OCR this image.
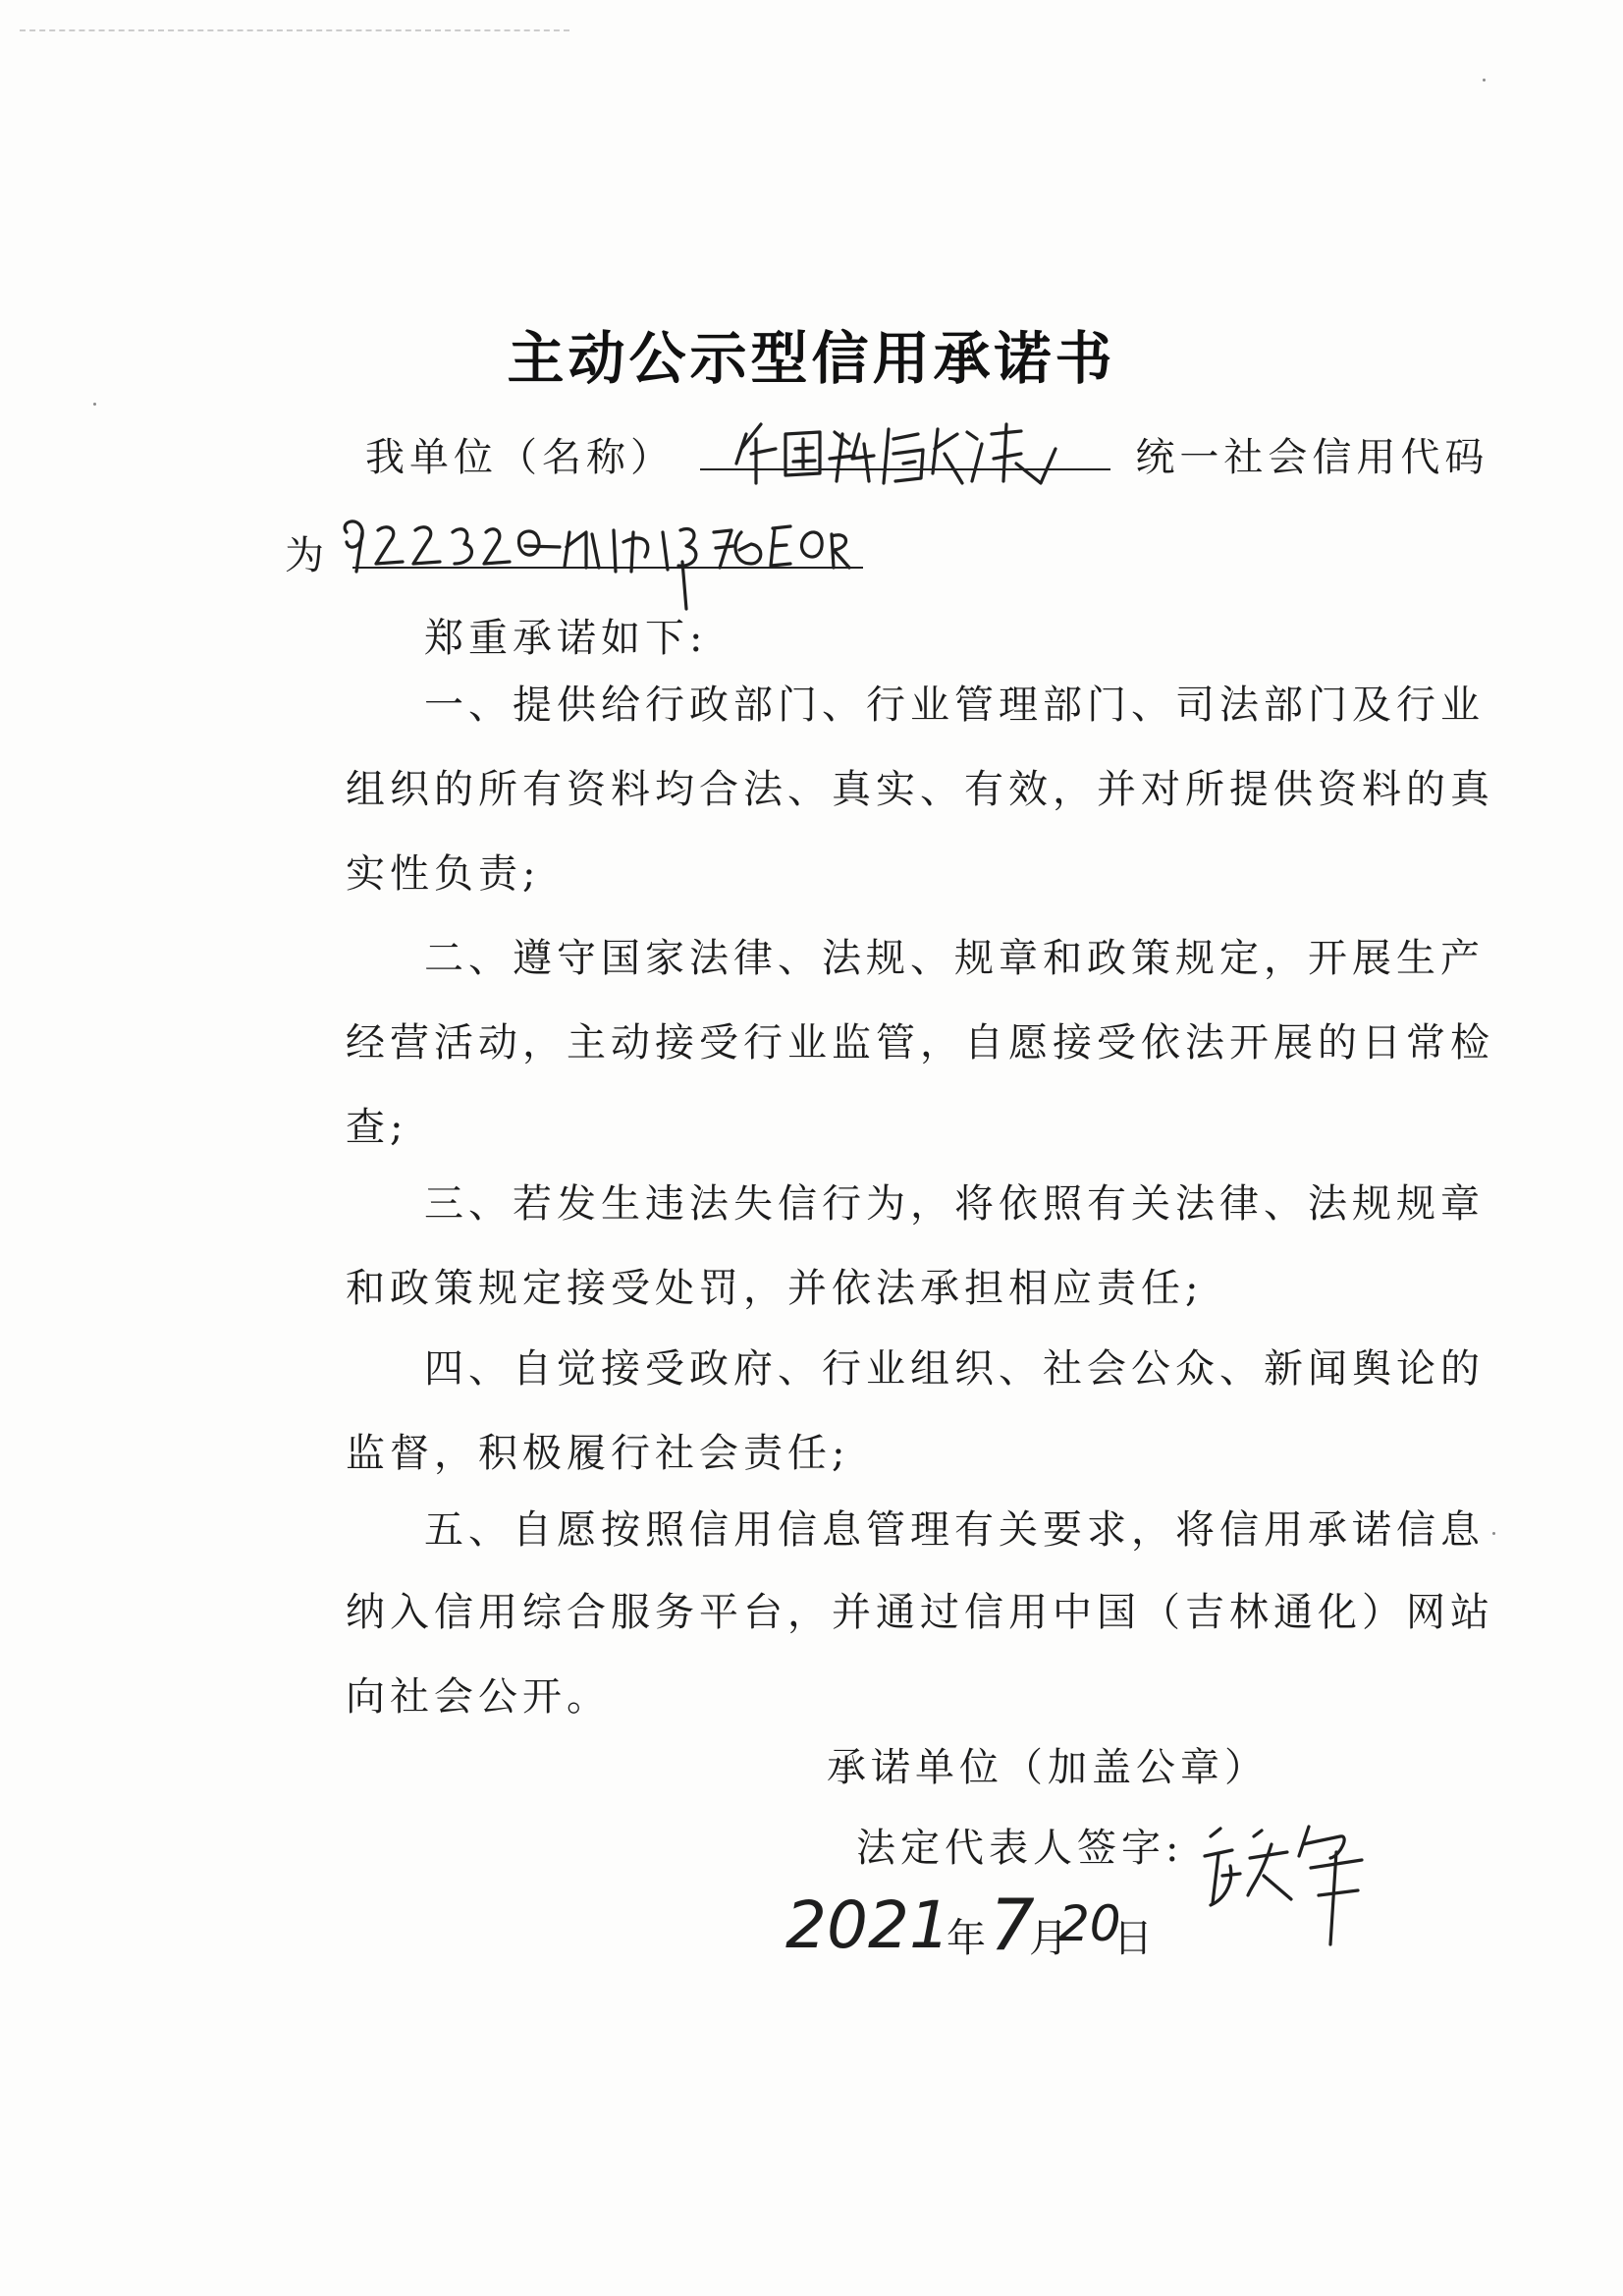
主动公示型信用承诺书
我单位（名称）	统一社会信用代码
为
郑重承诺如下:
一、提供给行政部门、行业管理部门、司法部门及行业
组织的所有资料均合法、真实、有效，并对所提供资料的真
实性负责;
二、遵守国家法律、法规、规章和政策规定，开展生产
经营活动，主动接受行业监管，自愿接受依法开展的日常检
查;
三、若发生违法失信行为，将依照有关法律、法规规章
和政策规定接受处罚，并依法承担相应责任;
四、自觉接受政府、行业组织、社会公众、新闻舆论的
监督，积极履行社会责任;
五、自愿按照信用信息管理有关要求，将信用承诺信息
纳入信用综合服务平台，并通过信用中国（吉林通化）网站
向社会公开。
承诺单位（加盖公章）
法定代表人签字:
2021
年 7
月
20
日
